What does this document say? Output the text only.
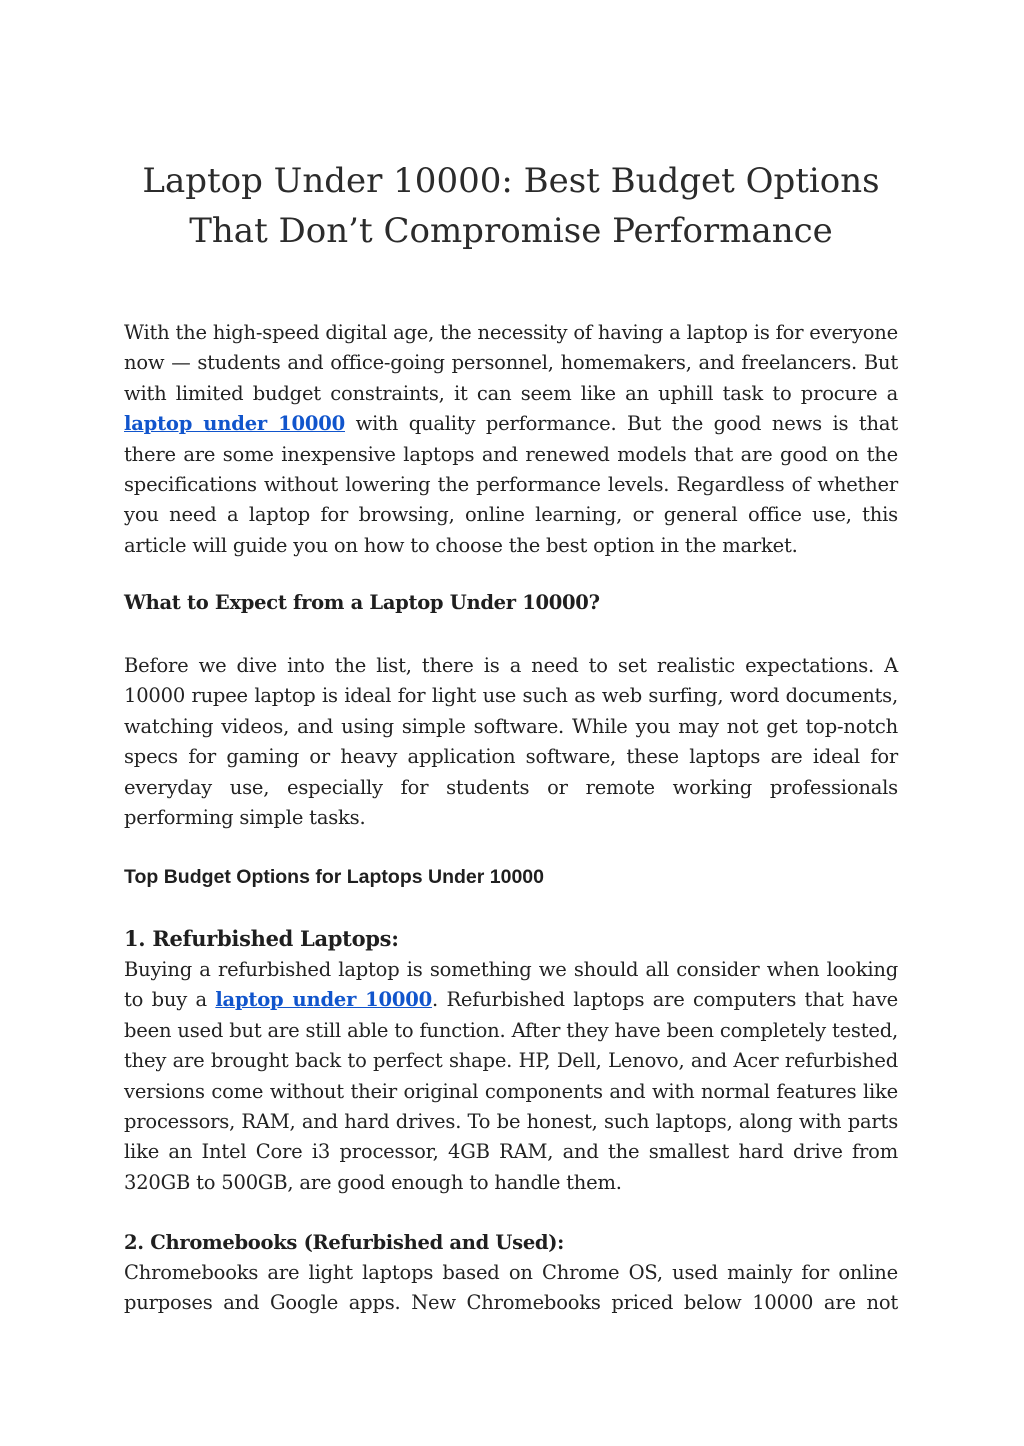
Laptop Under 10000: Best Budget Options That Don’t Compromise Performance

With the high-speed digital age, the necessity of having a laptop is for everyone now — students and office-going personnel, homemakers, and freelancers. But with limited budget constraints, it can seem like an uphill task to procure a laptop under 10000 with quality performance. But the good news is that there are some inexpensive laptops and renewed models that are good on the specifications without lowering the performance levels. Regardless of whether you need a laptop for browsing, online learning, or general office use, this article will guide you on how to choose the best option in the market.

What to Expect from a Laptop Under 10000?

Before we dive into the list, there is a need to set realistic expectations. A 10000 rupee laptop is ideal for light use such as web surfing, word documents, watching videos, and using simple software. While you may not get top-notch specs for gaming or heavy application software, these laptops are ideal for everyday use, especially for students or remote working professionals performing simple tasks.

Top Budget Options for Laptops Under 10000
1. Refurbished Laptops:

Buying a refurbished laptop is something we should all consider when looking to buy a laptop under 10000. Refurbished laptops are computers that have been used but are still able to function. After they have been completely tested, they are brought back to perfect shape. HP, Dell, Lenovo, and Acer refurbished versions come without their original components and with normal features like processors, RAM, and hard drives. To be honest, such laptops, along with parts like an Intel Core i3 processor, 4GB RAM, and the smallest hard drive from 320GB to 500GB, are good enough to handle them.

2. Chromebooks (Refurbished and Used):

Chromebooks are light laptops based on Chrome OS, used mainly for online purposes and Google apps. New Chromebooks priced below 10000 are not
